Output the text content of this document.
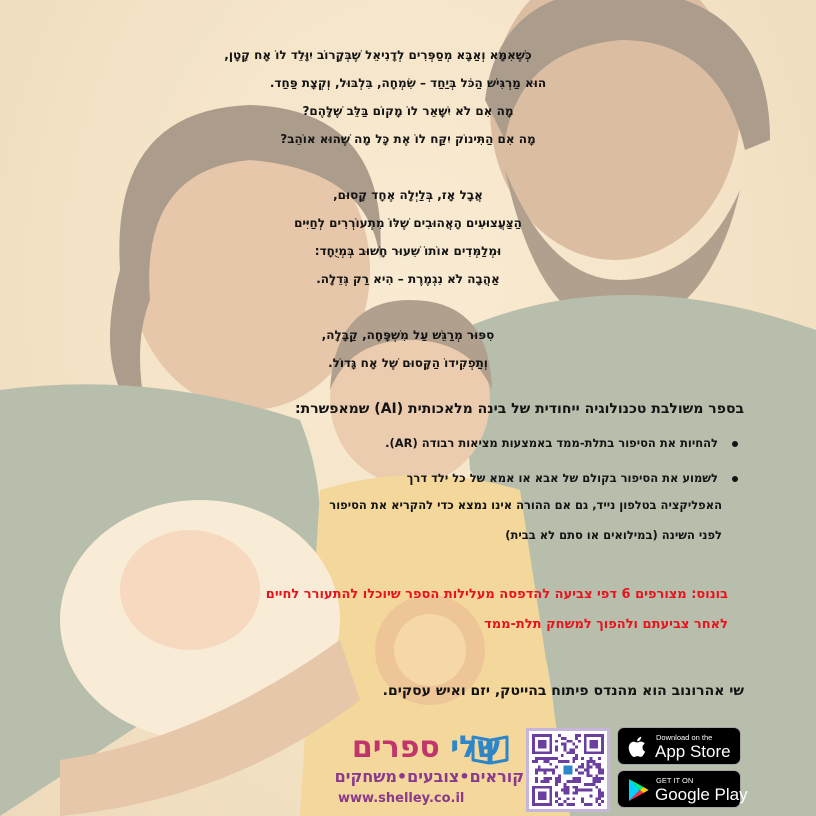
כְּשֶׁאִמָּא וְאַבָּא מְסַפְּרִים לְדָנִיאֵל שֶׁבְּקָרוֹב יִוָּלֵד לוֹ אָח קָטָן,
הוּא מַרְגִּישׁ הַכֹּל בְּיַחַד – שִׂמְחָה, בִּלְבּוּל, וְקְצָת פַּחַד.
מָה אִם לֹא יִשָּׁאֵר לוֹ מָקוֹם בַּלֵּב שֶׁלָּהֶם?
מָה אִם הַתִּינוֹק יִקַּח לוֹ אֶת כָּל מָה שֶׁהוּא אוֹהֵב?
אֲבָל אָז, בְּלַיְלָה אֶחָד קָסוּם,
הַצַּעֲצוּעִים הָאֲהוּבִים שֶׁלּוֹ מִתְעוֹרְרִים לְחַיִּים
וּמְלַמְּדִים אוֹתוֹ שִׁעוּר חָשׁוּב בְּמְיֻחָד:
אַהֲבָה לֹא נִגְמֶרֶת – הִיא רַק גְּדֵלָה.
סִפּוּר מְרַגֵּשׁ עַל מִשְׁפָּחָה, קַבָּלָה,
וְתַפְקִידוֹ הַקָּסוּם שֶׁל אָח גָּדוֹל.
בספר משולבת טכנולוגיה ייחודית של בינה מלאכותית (AI) שמאפשרת:
להחיות את הסיפור בתלת-ממד באמצעות מציאות רבודה (AR).
לשמוע את הסיפור בקולם של אבא או אמא של כל ילד דרך
האפליקציה בטלפון נייד, גם אם ההורה אינו נמצא כדי להקריא את הסיפור
לפני השינה (במילואים או סתם לא בבית)
בונוס: מצורפים 6 דפי צביעה להדפסה מעלילות הספר שיוכלו להתעורר לחיים
לאחר צביעתם ולהפוך למשחק תלת-ממד
שי אהרונוב הוא מהנדס פיתוח בהייטק, יזם ואיש עסקים.
שלי ספרים
קוראים•צובעים•משחקים
www.shelley.co.il
Download on the
App Store
GET IT ON
Google Play
